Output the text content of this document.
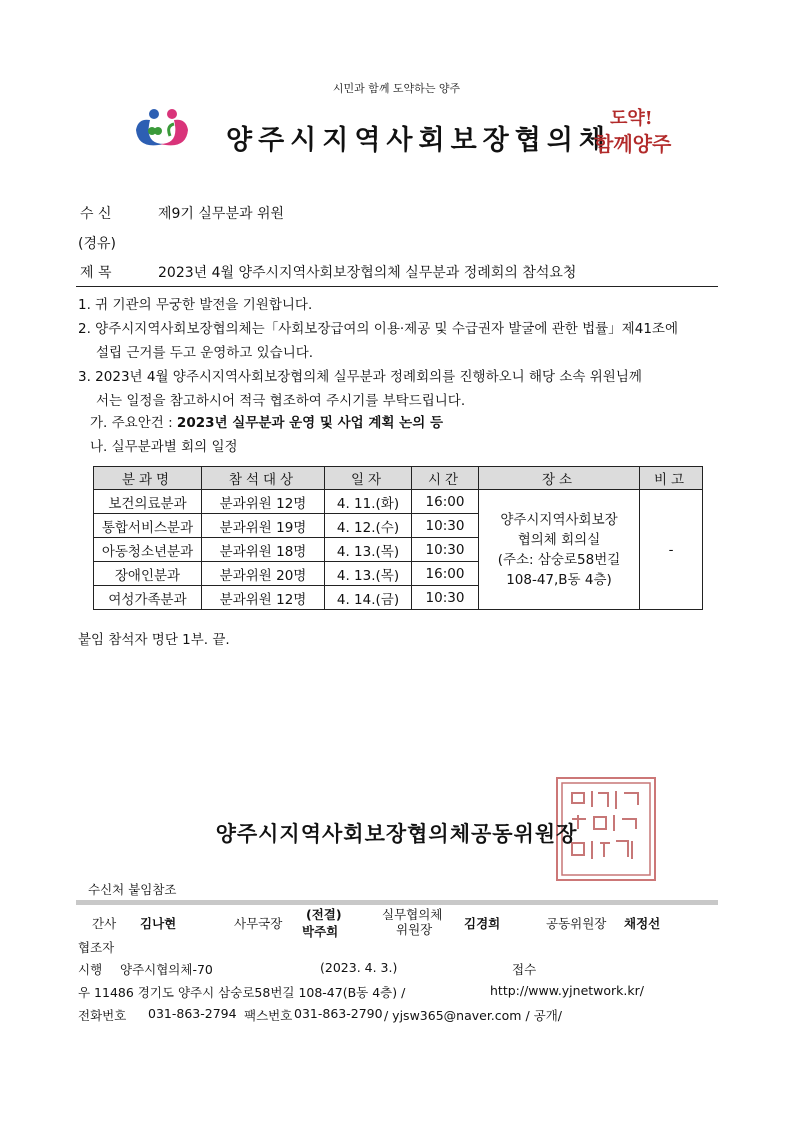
시민과 함께 도약하는 양주
양주시지역사회보장협의체
도약!
함께양주
수 신	제9기 실무분과 위원
(경유)
제 목	2023년 4월 양주시지역사회보장협의체 실무분과 정례회의 참석요청
1. 귀 기관의 무궁한 발전을 기원합니다.
2. 양주시지역사회보장협의체는「사회보장급여의 이용·제공 및 수급권자 발굴에 관한 법률」제41조에
설립 근거를 두고 운영하고 있습니다.
3. 2023년 4월 양주시지역사회보장협의체 실무분과 정례회의를 진행하오니 해당 소속 위원님께
서는 일정을 참고하시어 적극 협조하여 주시기를 부탁드립니다.
가. 주요안건 : 2023년 실무분과 운영 및 사업 계획 논의 등
나. 실무분과별 회의 일정
분과명	참석대상	일자	시간	장소	비고
보건의료분과	분과위원 12명	4. 11.(화)	16:00	양주시지역사회보장
협의체 회의실
(주소: 삼숭로58번길
108-47,B동 4층)	-
통합서비스분과	분과위원 19명	4. 12.(수)	10:30		
아동청소년분과	분과위원 18명	4. 13.(목)	10:30		
장애인분과	분과위원 20명	4. 13.(목)	16:00		
여성가족분과	분과위원 12명	4. 14.(금)	10:30		
붙임 참석자 명단 1부. 끝.
양주시지역사회보장협의체공동위원장
수신처 붙임참조
간사 김나현	사무국장
(전결)
박주희
실무협의체
위원장	김경희	공동위원장 채정선
협조자
시행 양주시협의체-70	(2023. 4. 3.)	접수
우 11486 경기도 양주시 삼숭로58번길 108-47(B동 4층) /	http://www.yjnetwork.kr/
전화번호 031-863-2794 팩스번호 031-863-2790 / yjsw365@naver.com / 공개/
